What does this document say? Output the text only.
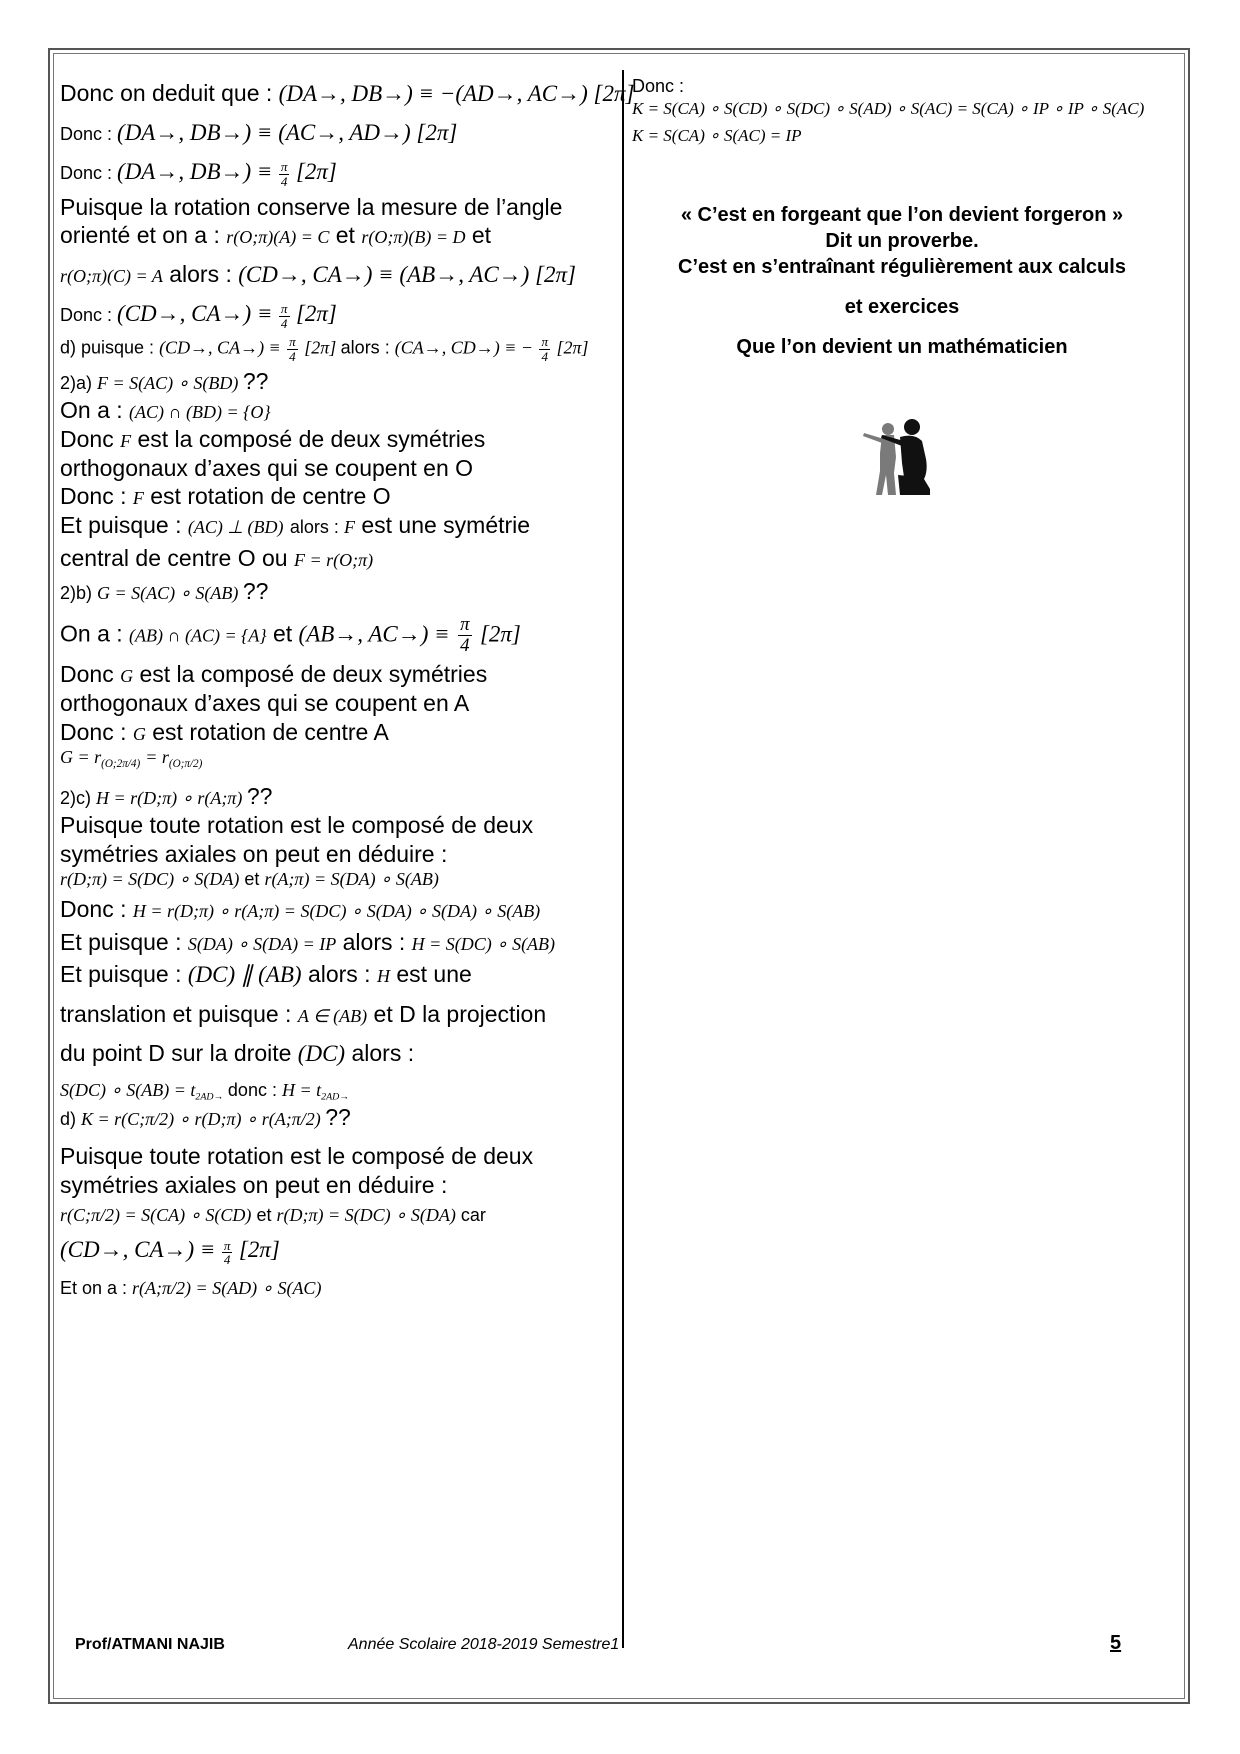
Donc on deduit que : (DA→, DB→) ≡ −(AD→, AC→) [2π]
Donc : (DA→, DB→) ≡ (AC→, AD→) [2π]
Donc : (DA→, $DB\to) \equiv \frac{\pi}{4} [2\pi]$
Puisque la rotation conserve la mesure de l’angle
orienté et on a : r(O;π)(A) = C et r(O;π)(B) = D et
r(O;π)(C) = A alors : (CD→, CA→) ≡ (AB→, AC→) [2π]
Donc : (CD→, $CA\to) \equiv \frac{\pi}{4} [2\pi]$
d) puisque : (CD→, $CA\to) \equiv \frac{\pi}{4} [2\pi]$ alors : (CA→, CD→) ≡ − $\frac{\pi}{4} [2\pi]$
2)a) F = S(AC) ∘ S(BD) ??
On a : (AC) ∩ (BD) = {O}
Donc F est la composé de deux symétries
orthogonaux d’axes qui se coupent en O
Donc : F est rotation de centre O
Et puisque : (AC) ⊥ (BD) alors : F est une symétrie
central de centre O ou F = r(O;π)
2)b) G = S(AC) ∘ S(AB) ??
On a : (AB) ∩ (AC) = {A} et (AB→, $AC\to) \equiv \frac{\pi}{4} [2\pi]$
Donc G est la composé de deux symétries
orthogonaux d’axes qui se coupent en A
Donc : G est rotation de centre A
$G = r_{(O;2\pi/4)} = r_{(O;\pi/2)}$
2)c) H = r(D;π) ∘ r(A;π) ??
Puisque toute rotation est le composé de deux
symétries axiales on peut en déduire :
r(D;π) = S(DC) ∘ S(DA) et r(A;π) = S(DA) ∘ S(AB)
Donc : H = r(D;π) ∘ r(A;π) = S(DC) ∘ S(DA) ∘ S(DA) ∘ S(AB)
Et puisque : S(DA) ∘ S(DA) = IP alors : H = S(DC) ∘ S(AB)
Et puisque : (DC) ∥ (AB) alors : H est une
translation et puisque : A ∈ (AB) et D la projection
du point D sur la droite (DC) alors :
S(DC) ∘ $S(AB) = t_{2AD\to}$ donc : $H = t_{2AD\to}$
d) K = r(C;π/2) ∘ r(D;π) ∘ r(A;π/2) ??
Puisque toute rotation est le composé de deux
symétries axiales on peut en déduire :
r(C;π/2) = S(CA) ∘ S(CD) et r(D;π) = S(DC) ∘ S(DA) car
(CD→, $CA\to) \equiv \frac{\pi}{4} [2\pi]$
Et on a : r(A;π/2) = S(AD) ∘ S(AC)
Donc :
K = S(CA) ∘ S(CD) ∘ S(DC) ∘ S(AD) ∘ S(AC) = S(CA) ∘ IP ∘ IP ∘ S(AC)
K = S(CA) ∘ S(AC) = IP
« C’est en forgeant que l’on devient forgeron »
Dit un proverbe.
C’est en s’entraînant régulièrement aux calculs
et exercices
Que l’on devient un mathématicien
Prof/ATMANI NAJIB	Année Scolaire 2018-2019 Semestre1	5
